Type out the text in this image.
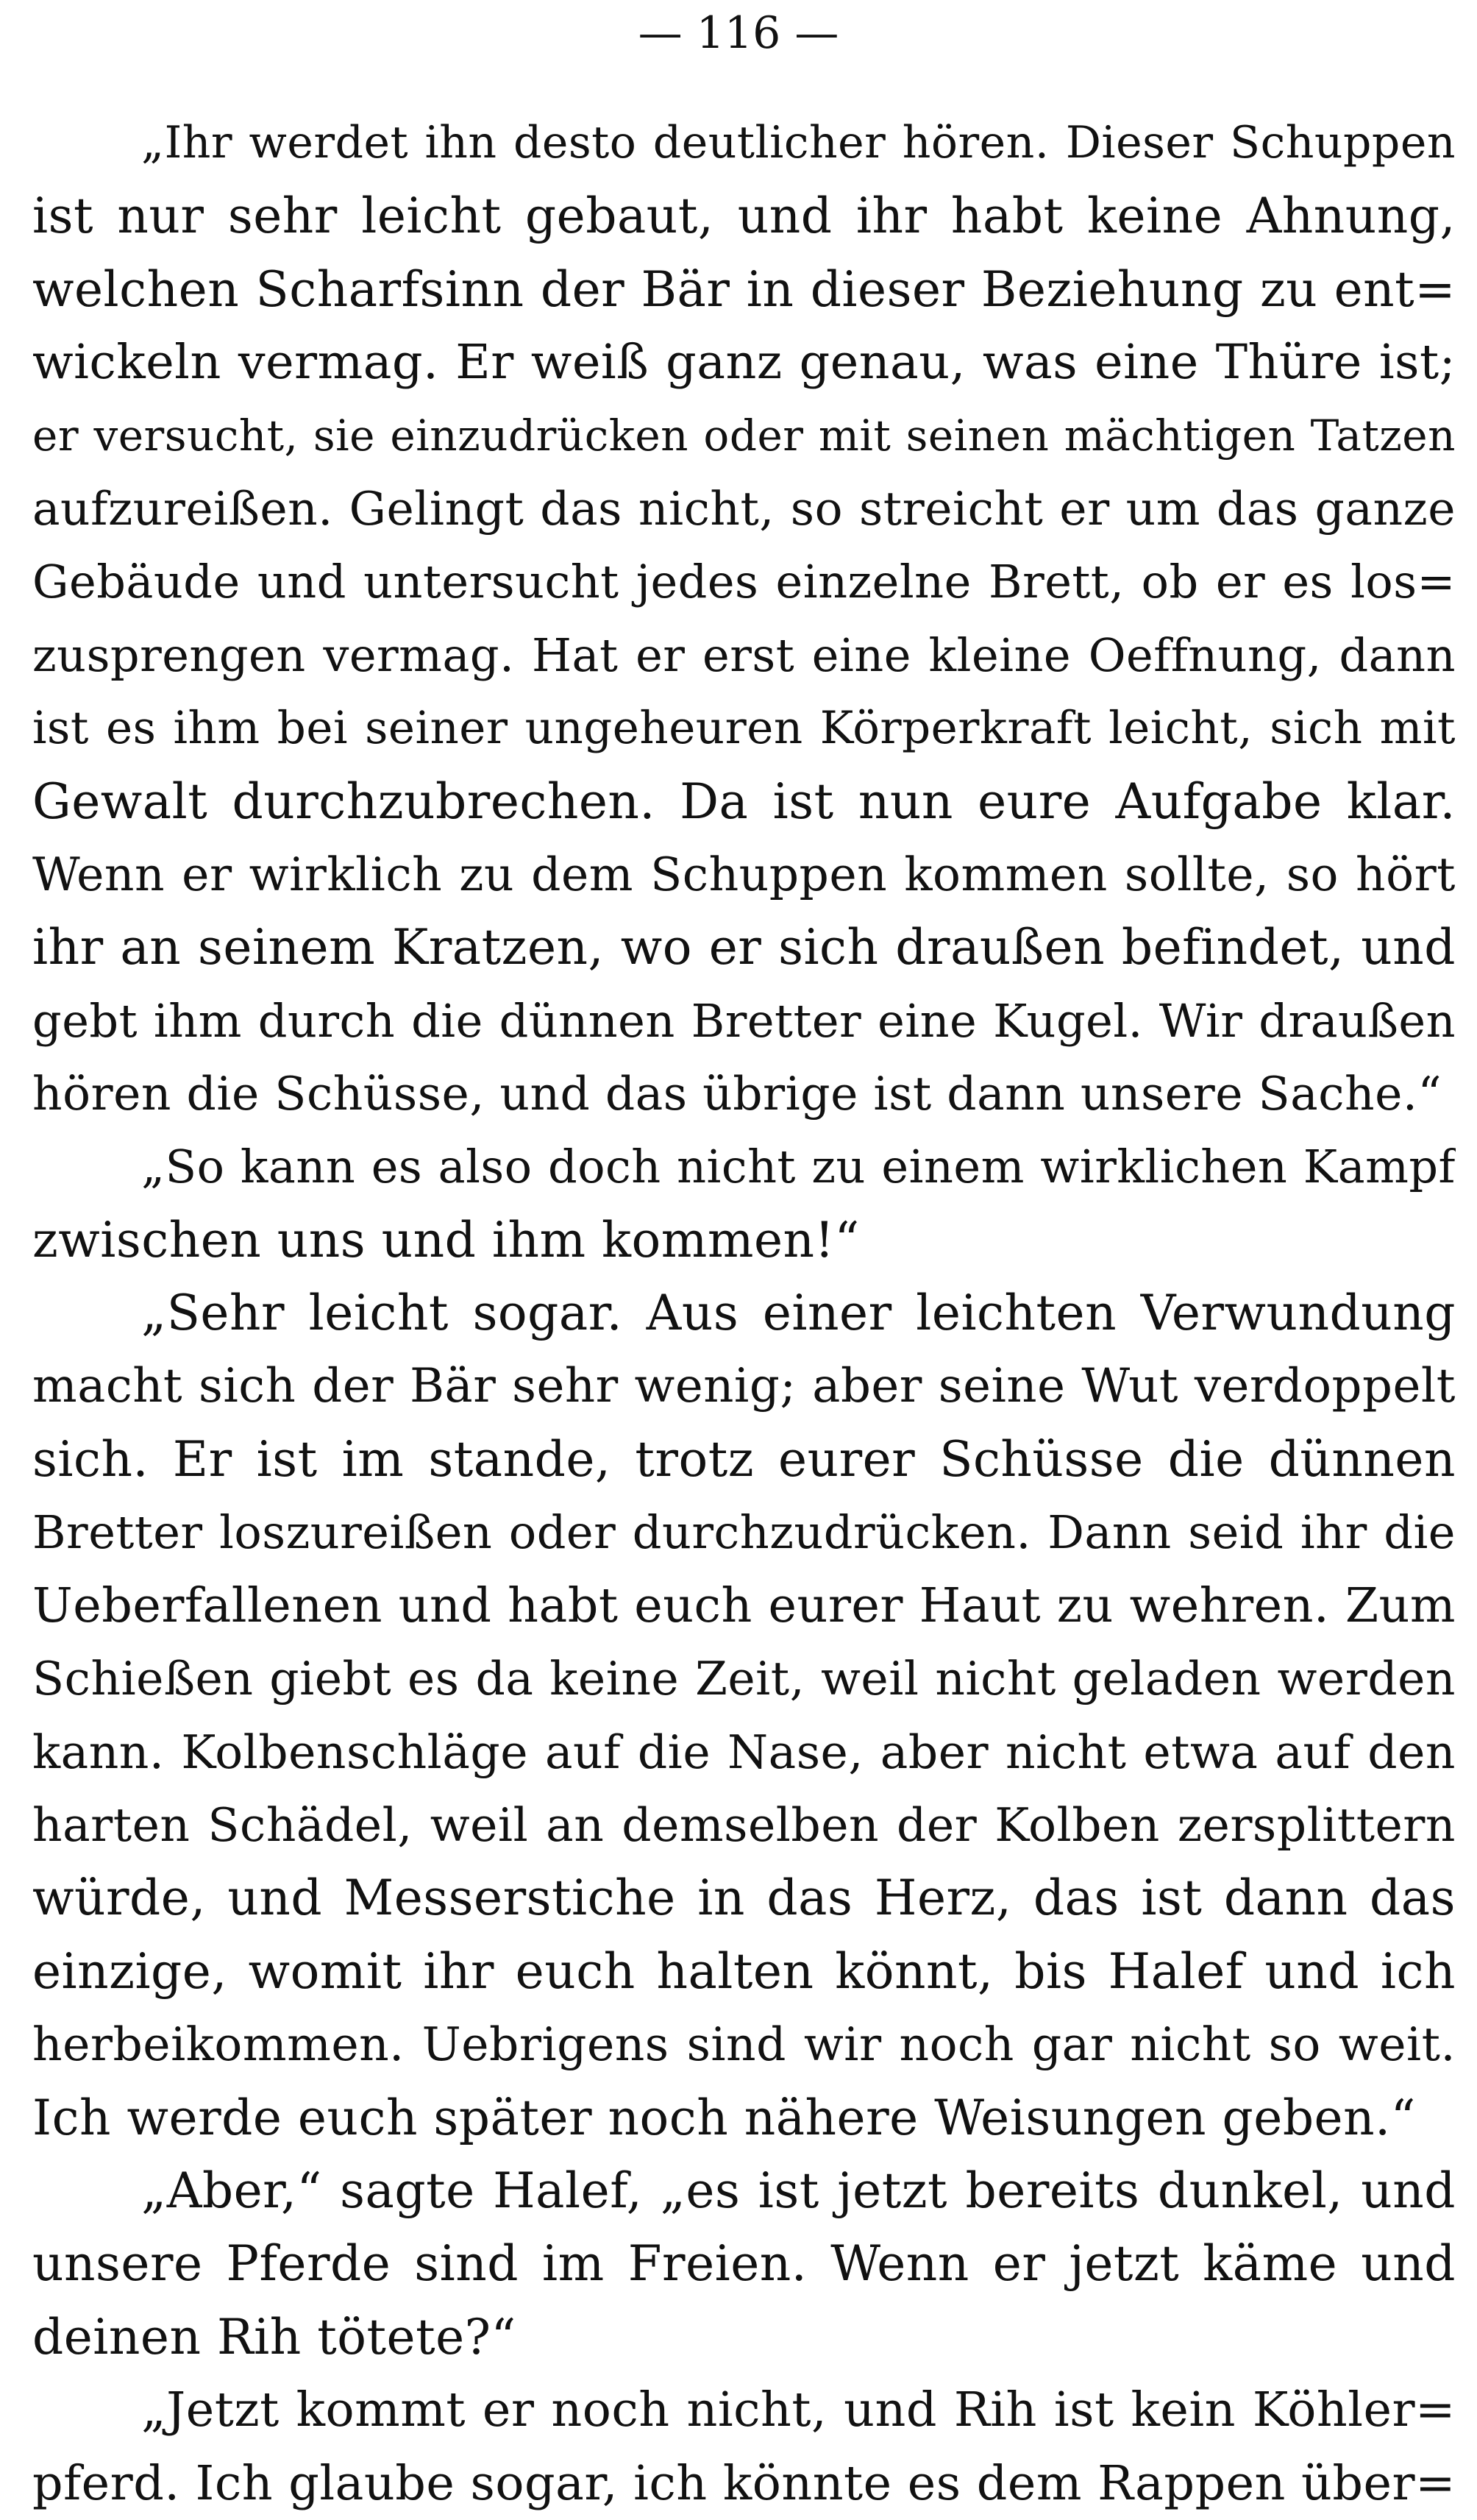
— 116 —
„Ihr werdet ihn desto deutlicher hören. Dieser Schuppen
ist nur sehr leicht gebaut, und ihr habt keine Ahnung,
welchen Scharfsinn der Bär in dieser Beziehung zu ent=
wickeln vermag. Er weiß ganz genau, was eine Thüre ist;
er versucht, sie einzudrücken oder mit seinen mächtigen Tatzen
aufzureißen. Gelingt das nicht, so streicht er um das ganze
Gebäude und untersucht jedes einzelne Brett, ob er es los=
zusprengen vermag. Hat er erst eine kleine Oeffnung, dann
ist es ihm bei seiner ungeheuren Körperkraft leicht, sich mit
Gewalt durchzubrechen. Da ist nun eure Aufgabe klar.
Wenn er wirklich zu dem Schuppen kommen sollte, so hört
ihr an seinem Kratzen, wo er sich draußen befindet, und
gebt ihm durch die dünnen Bretter eine Kugel. Wir draußen
hören die Schüsse, und das übrige ist dann unsere Sache.“
„So kann es also doch nicht zu einem wirklichen Kampf
zwischen uns und ihm kommen!“
„Sehr leicht sogar. Aus einer leichten Verwundung
macht sich der Bär sehr wenig; aber seine Wut verdoppelt
sich. Er ist im stande, trotz eurer Schüsse die dünnen
Bretter loszureißen oder durchzudrücken. Dann seid ihr die
Ueberfallenen und habt euch eurer Haut zu wehren. Zum
Schießen giebt es da keine Zeit, weil nicht geladen werden
kann. Kolbenschläge auf die Nase, aber nicht etwa auf den
harten Schädel, weil an demselben der Kolben zersplittern
würde, und Messerstiche in das Herz, das ist dann das
einzige, womit ihr euch halten könnt, bis Halef und ich
herbeikommen. Uebrigens sind wir noch gar nicht so weit.
Ich werde euch später noch nähere Weisungen geben.“
„Aber,“ sagte Halef, „es ist jetzt bereits dunkel, und
unsere Pferde sind im Freien. Wenn er jetzt käme und
deinen Rih tötete?“
„Jetzt kommt er noch nicht, und Rih ist kein Köhler=
pferd. Ich glaube sogar, ich könnte es dem Rappen über=
